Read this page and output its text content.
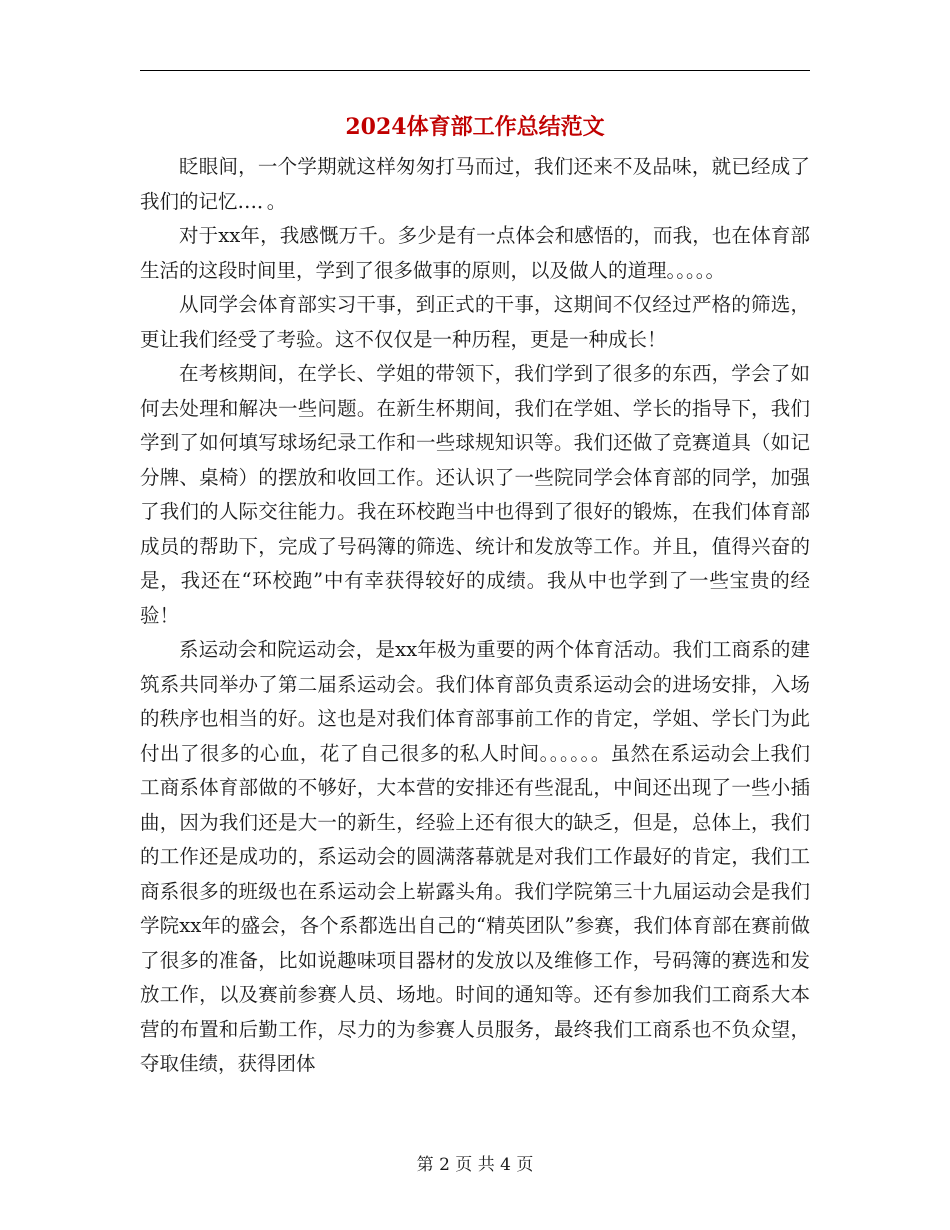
2024体育部工作总结范文

眨眼间，一个学期就这样匆匆打马而过，我们还来不及品味，就已经成了我们的记忆…．。

对于xx年，我感慨万千。多少是有一点体会和感悟的，而我，也在体育部生活的这段时间里，学到了很多做事的原则，以及做人的道理。。。。。

从同学会体育部实习干事，到正式的干事，这期间不仅经过严格的筛选，更让我们经受了考验。这不仅仅是一种历程，更是一种成长！

在考核期间，在学长、学姐的带领下，我们学到了很多的东西，学会了如何去处理和解决一些问题。在新生杯期间，我们在学姐、学长的指导下，我们学到了如何填写球场纪录工作和一些球规知识等。我们还做了竞赛道具（如记分牌、桌椅）的摆放和收回工作。还认识了一些院同学会体育部的同学，加强了我们的人际交往能力。我在环校跑当中也得到了很好的锻炼，在我们体育部成员的帮助下，完成了号码簿的筛选、统计和发放等工作。并且，值得兴奋的是，我还在“环校跑”中有幸获得较好的成绩。我从中也学到了一些宝贵的经验！

系运动会和院运动会，是xx年极为重要的两个体育活动。我们工商系的建筑系共同举办了第二届系运动会。我们体育部负责系运动会的进场安排，入场的秩序也相当的好。这也是对我们体育部事前工作的肯定，学姐、学长门为此付出了很多的心血，花了自己很多的私人时间。。。。。。虽然在系运动会上我们工商系体育部做的不够好，大本营的安排还有些混乱，中间还出现了一些小插曲，因为我们还是大一的新生，经验上还有很大的缺乏，但是，总体上，我们的工作还是成功的，系运动会的圆满落幕就是对我们工作最好的肯定，我们工商系很多的班级也在系运动会上崭露头角。我们学院第三十九届运动会是我们学院xx年的盛会，各个系都选出自己的“精英团队”参赛，我们体育部在赛前做了很多的准备，比如说趣味项目器材的发放以及维修工作，号码簿的赛选和发放工作，以及赛前参赛人员、场地。时间的通知等。还有参加我们工商系大本营的布置和后勤工作，尽力的为参赛人员服务，最终我们工商系也不负众望，夺取佳绩，获得团体

第 2 页 共 4 页
